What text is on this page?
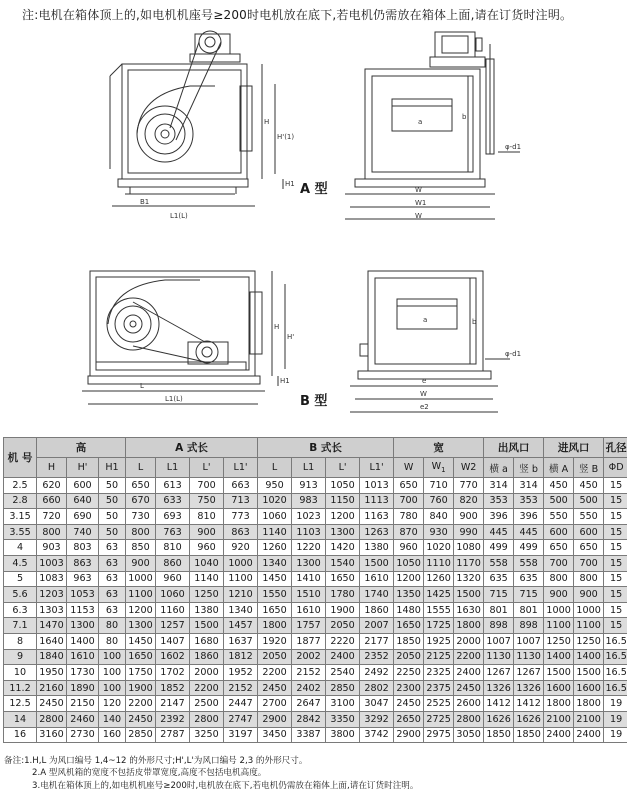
注:电机在箱体顶上的,如电机机座号≥200时电机放在底下,若电机仍需放在箱体上面,请在订货时注明。
B1
L1(L)
H
H'(1)
H1
W
W1
W
b
a
φ-d1
L
L1(L)
H
H'
H1	e
W
e2
b
a
φ-d1
A 型
B 型
机 号	高			A 式长				B 式长				宽			出风口		进风口		孔径
	H	H'	H1	L	L1	L'	L1'	L	L1	L'	L1'	W	$W_1$	W2	横 a	竖 b	横 A	竖 B	ΦD
2.5	620	600	50	650	613	700	663	950	913	1050	1013	650	710	770	314	314	450	450	15
2.8	660	640	50	670	633	750	713	1020	983	1150	1113	700	760	820	353	353	500	500	15
3.15	720	690	50	730	693	810	773	1060	1023	1200	1163	780	840	900	396	396	550	550	15
3.55	800	740	50	800	763	900	863	1140	1103	1300	1263	870	930	990	445	445	600	600	15
4	903	803	63	850	810	960	920	1260	1220	1420	1380	960	1020	1080	499	499	650	650	15
4.5	1003	863	63	900	860	1040	1000	1340	1300	1540	1500	1050	1110	1170	558	558	700	700	15
5	1083	963	63	1000	960	1140	1100	1450	1410	1650	1610	1200	1260	1320	635	635	800	800	15
5.6	1203	1053	63	1100	1060	1250	1210	1550	1510	1780	1740	1350	1425	1500	715	715	900	900	15
6.3	1303	1153	63	1200	1160	1380	1340	1650	1610	1900	1860	1480	1555	1630	801	801	1000	1000	15
7.1	1470	1300	80	1300	1257	1500	1457	1800	1757	2050	2007	1650	1725	1800	898	898	1100	1100	15
8	1640	1400	80	1450	1407	1680	1637	1920	1877	2220	2177	1850	1925	2000	1007	1007	1250	1250	16.5
9	1840	1610	100	1650	1602	1860	1812	2050	2002	2400	2352	2050	2125	2200	1130	1130	1400	1400	16.5
10	1950	1730	100	1750	1702	2000	1952	2200	2152	2540	2492	2250	2325	2400	1267	1267	1500	1500	16.5
11.2	2160	1890	100	1900	1852	2200	2152	2450	2402	2850	2802	2300	2375	2450	1326	1326	1600	1600	16.5
12.5	2450	2150	120	2200	2147	2500	2447	2700	2647	3100	3047	2450	2525	2600	1412	1412	1800	1800	19
14	2800	2460	140	2450	2392	2800	2747	2900	2842	3350	3292	2650	2725	2800	1626	1626	2100	2100	19
16	3160	2730	160	2850	2787	3250	3197	3450	3387	3800	3742	2900	2975	3050	1850	1850	2400	2400	19
备注:1.H,L 为风口编号 1,4~12 的外形尺寸;H',L'为风口编号 2,3 的外形尺寸。
2.A 型风机箱的宽度不包括皮带罩宽度,高度不包括电机高度。
3.电机在箱体顶上的,如电机机座号≥200时,电机放在底下,若电机仍需放在箱体上面,请在订货时注明。
